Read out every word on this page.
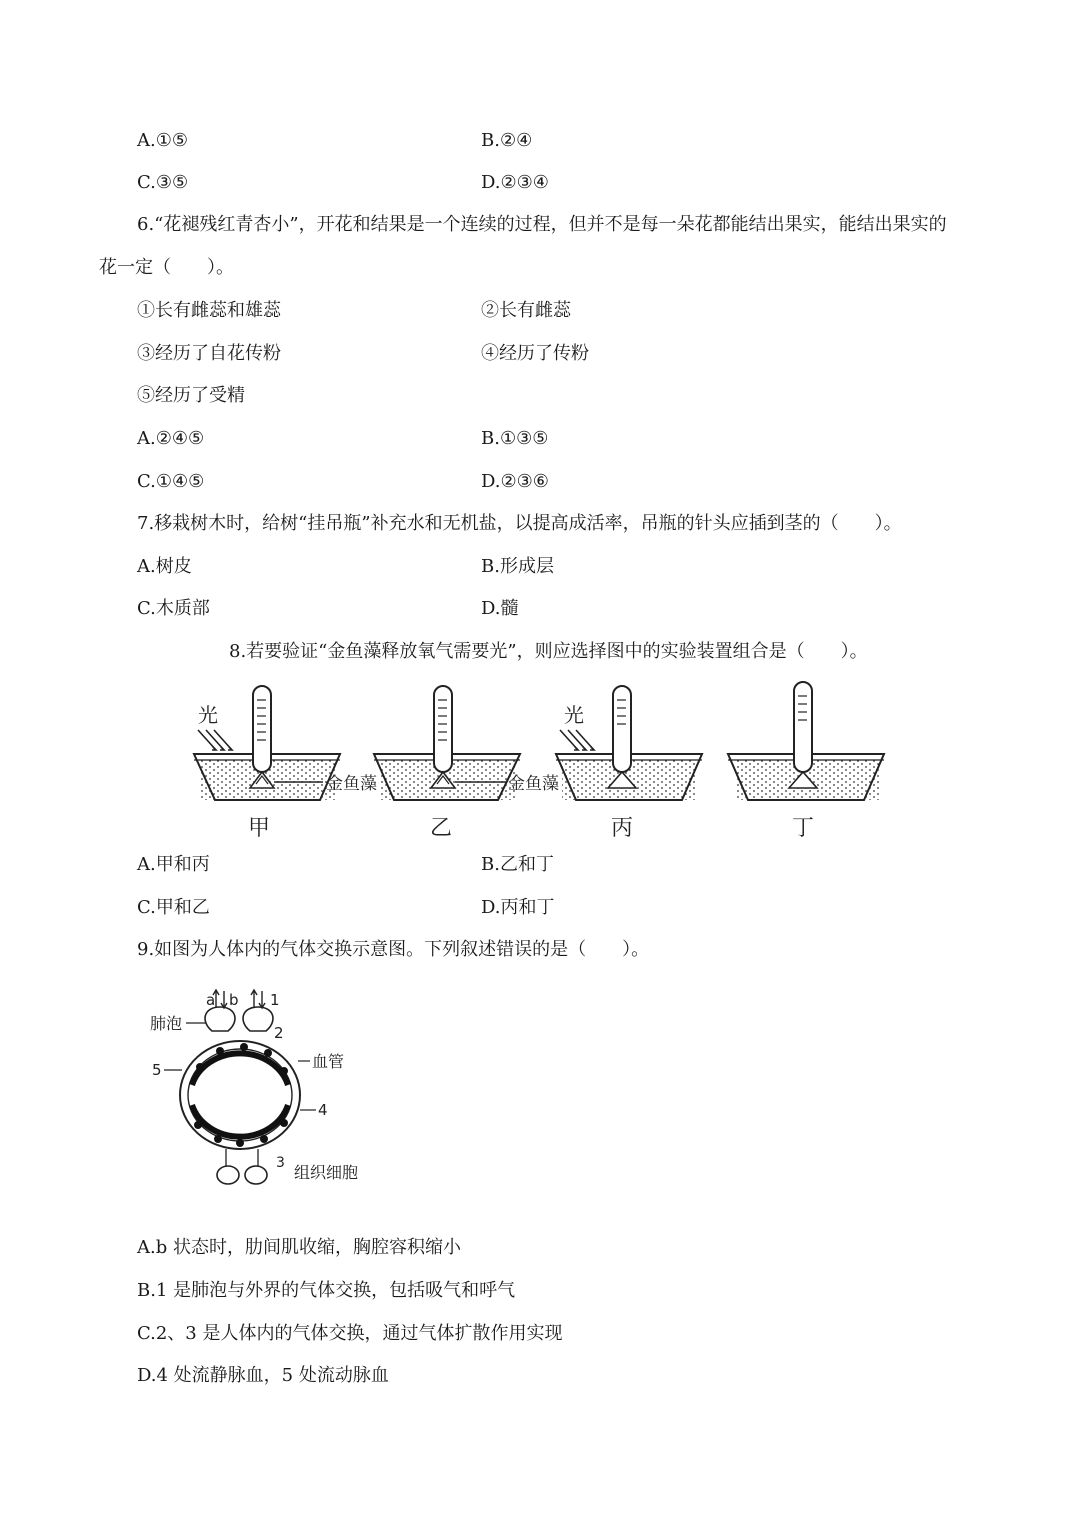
A.①⑤	B.②④
C.③⑤	D.②③④
6.“花褪残红青杏小”，开花和结果是一个连续的过程，但并不是每一朵花都能结出果实，能结出果实的
花一定（　　）。
①长有雌蕊和雄蕊	②长有雌蕊
③经历了自花传粉	④经历了传粉
⑤经历了受精
A.②④⑤	B.①③⑤
C.①④⑤	D.②③⑥
7.移栽树木时，给树“挂吊瓶”补充水和无机盐，以提高成活率，吊瓶的针头应插到茎的（　　）。
A.树皮	B.形成层
C.木质部	D.髓
8.若要验证“金鱼藻释放氧气需要光”，则应选择图中的实验装置组合是（　　）。
光
金鱼藻
甲
金鱼藻
乙
光
丙	丁
A.甲和丙	B.乙和丁
C.甲和乙	D.丙和丁
9.如图为人体内的气体交换示意图。下列叙述错误的是（　　）。
a b 1
2
肺泡
5
4
血管
3 组织细胞
A.b 状态时，肋间肌收缩，胸腔容积缩小
B.1 是肺泡与外界的气体交换，包括吸气和呼气
C.2、3 是人体内的气体交换，通过气体扩散作用实现
D.4 处流静脉血，5 处流动脉血
